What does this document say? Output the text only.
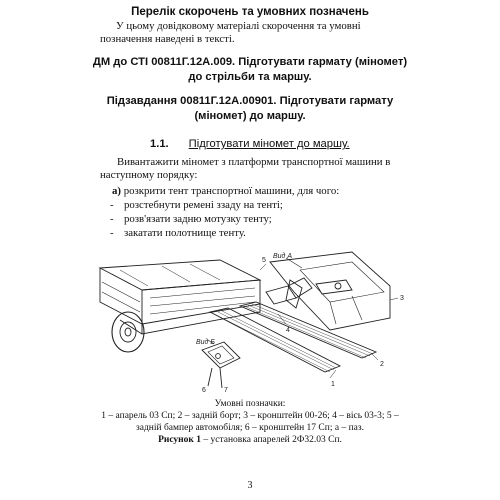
Перелік скорочень та умовних позначень
У цьому довідковому матеріалі скорочення та умовні
позначення наведені в тексті.
ДМ до СТІ 00811Г.12А.009. Підготувати гармату (міномет)
до стрільби та маршу.
Підзавдання 00811Г.12А.00901. Підготувати гармату
(міномет) до маршу.
1.1. Підготувати міномет до маршу.
Вивантажити міномет з платформи транспортної машини в
наступному порядку:
а) розкрити тент транспортної машини, для чого:
- розстебнути ремені ззаду на тенті;
- розв'язати задню мотузку тенту;
- закатати полотнище тенту.
Вид А
Вид Б
1
2
3
4
5
6	7
Умовні позначки:
1 – апарель 03 Сп; 2 – задній борт; 3 – кронштейн 00-26; 4 – вісь 03-3; 5 –
задній бампер автомобіля; 6 – кронштейн 17 Сп; а – паз.
Рисунок 1 – установка апарелей 2Ф32.03 Сп.
3
